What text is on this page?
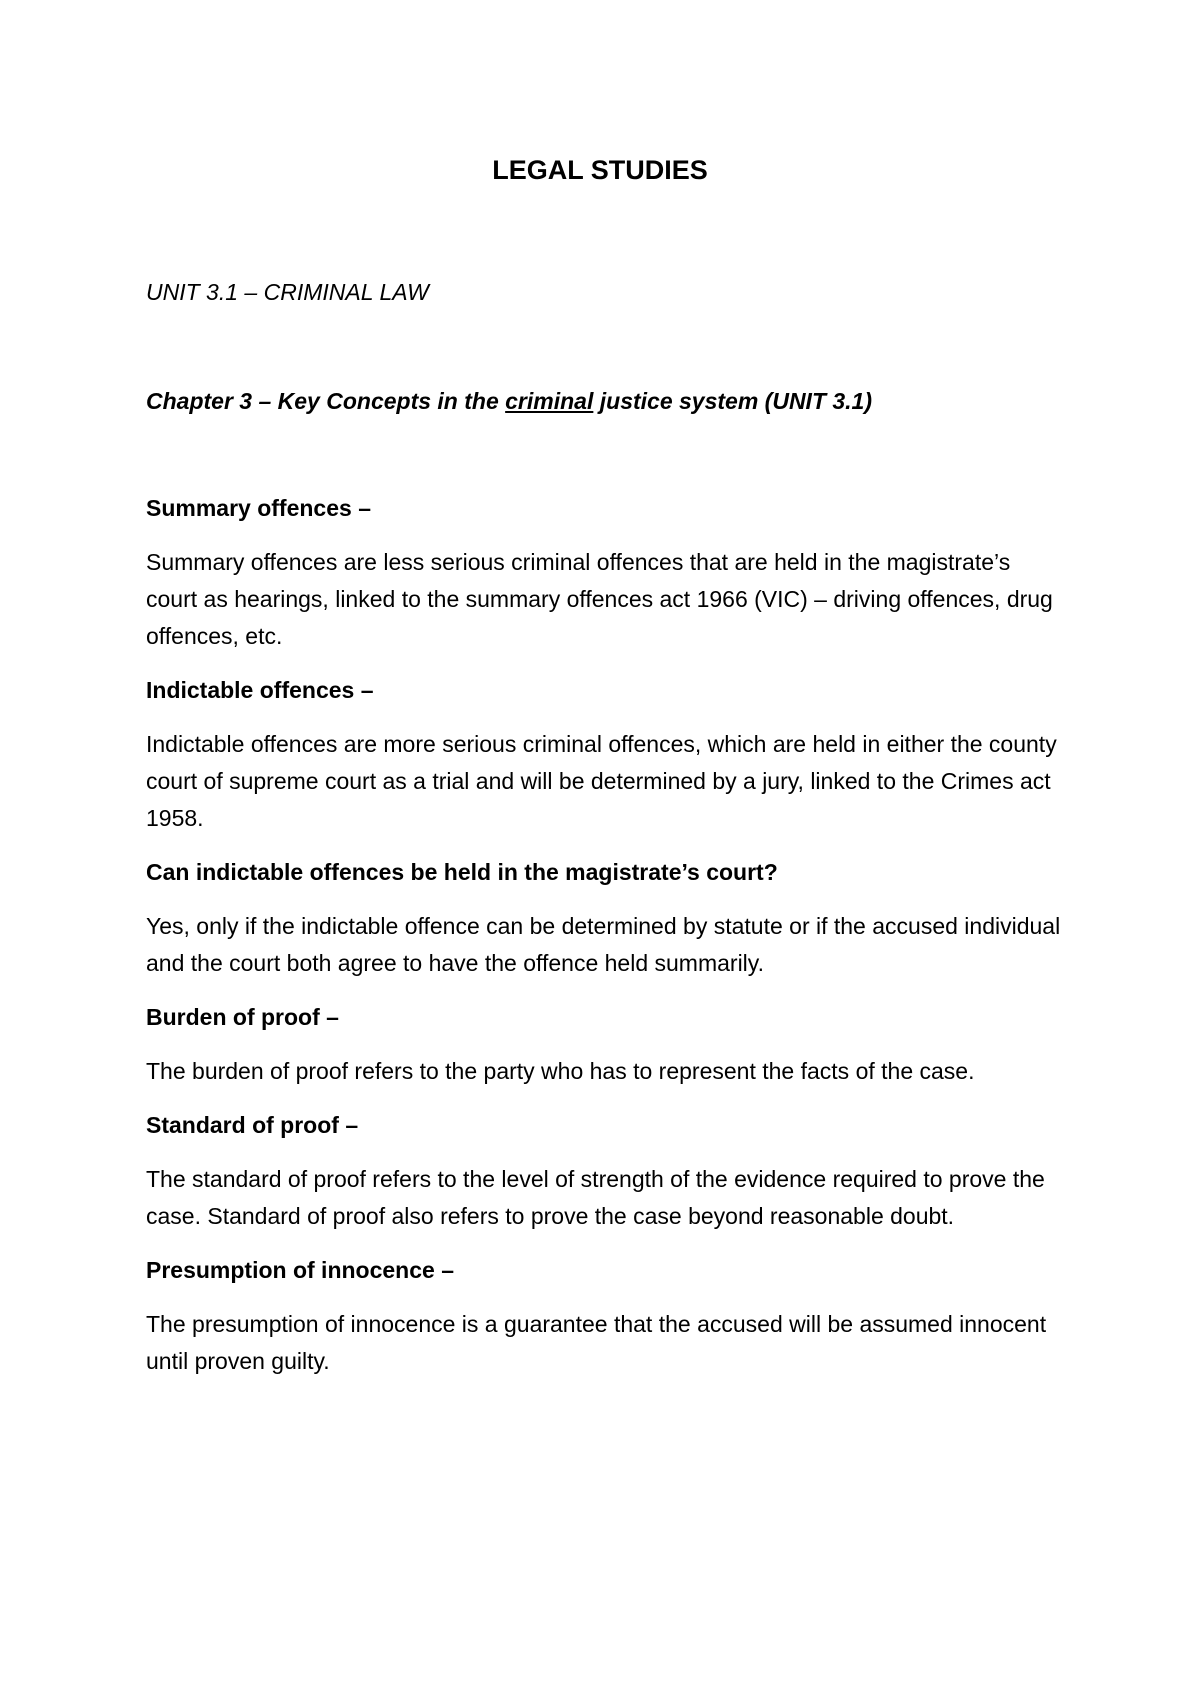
LEGAL STUDIES

UNIT 3.1 – CRIMINAL LAW

Chapter 3 – Key Concepts in the criminal justice system (UNIT 3.1)

Summary offences –

Summary offences are less serious criminal offences that are held in the magistrate’s court as hearings, linked to the summary offences act 1966 (VIC) – driving offences, drug offences, etc.

Indictable offences –

Indictable offences are more serious criminal offences, which are held in either the county court of supreme court as a trial and will be determined by a jury, linked to the Crimes act 1958.

Can indictable offences be held in the magistrate’s court?

Yes, only if the indictable offence can be determined by statute or if the accused individual and the court both agree to have the offence held summarily.

Burden of proof –

The burden of proof refers to the party who has to represent the facts of the case.

Standard of proof –

The standard of proof refers to the level of strength of the evidence required to prove the case. Standard of proof also refers to prove the case beyond reasonable doubt.

Presumption of innocence –

The presumption of innocence is a guarantee that the accused will be assumed innocent until proven guilty.
